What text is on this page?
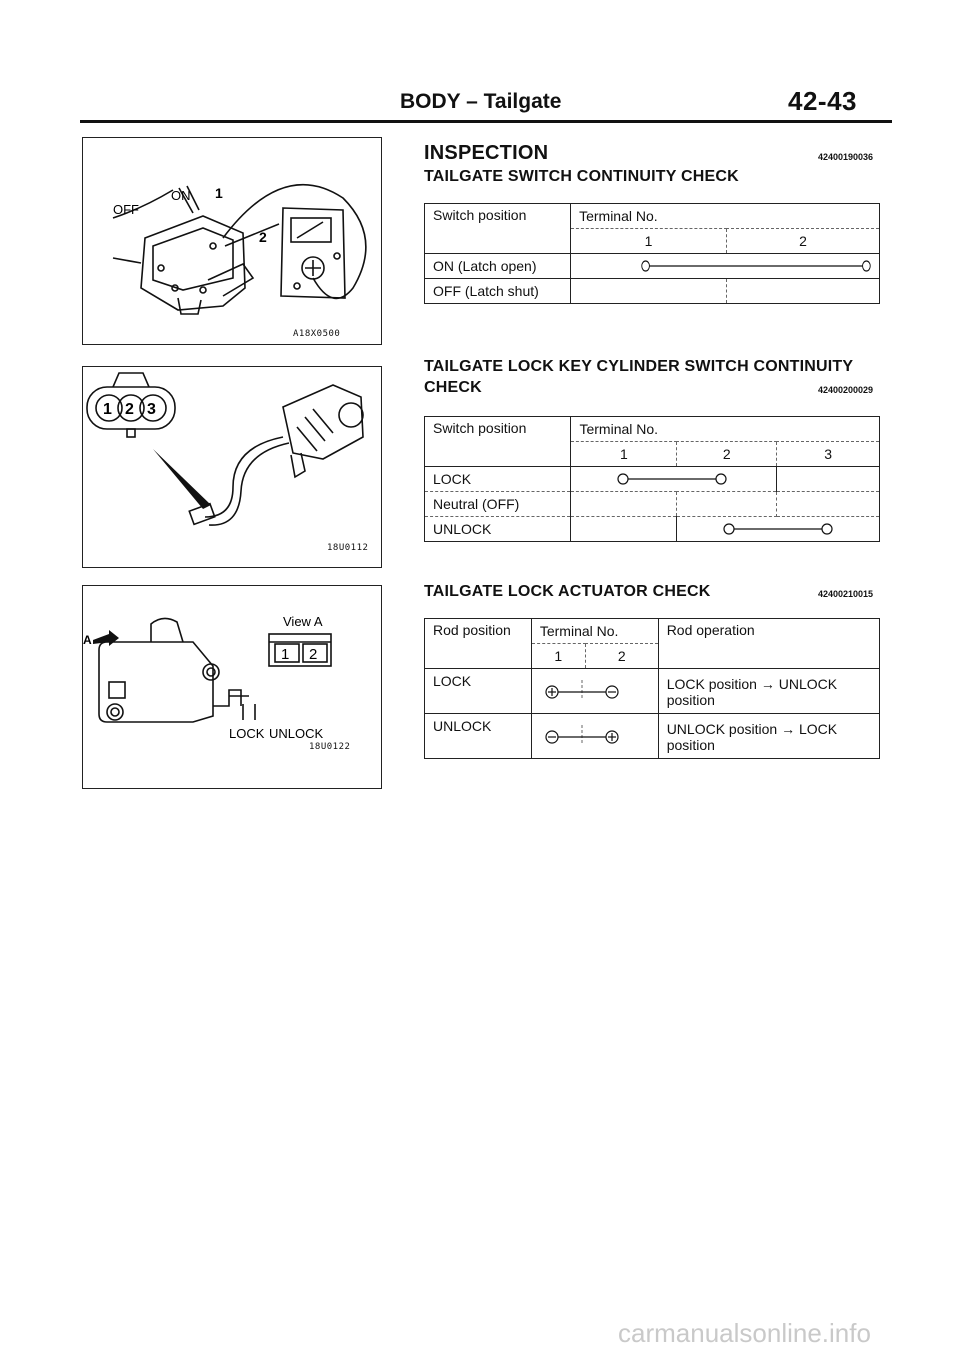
BODY – Tailgate	42-43
OFF
ON 1
2
A18X0500
1 2 3
18U0112
A
View A
1 2
LOCK UNLOCK
18U0122
INSPECTION	42400190036
TAILGATE SWITCH CONTINUITY CHECK
Switch position	Terminal No.	
	1	2
ON (Latch open)	

OFF (Latch shut)		
TAILGATE LOCK KEY CYLINDER SWITCH CONTINUITY
CHECK	42400200029
Switch position	Terminal No.		
	1	2	3
LOCK	

Neutral (OFF)			
UNLOCK		
TAILGATE LOCK ACTUATOR CHECK	42400210015
Rod position	Terminal No.		Rod operation
	1	2	
LOCK			LOCK position → UNLOCK
position

UNLOCK			UNLOCK position → LOCK
position
carmanualsonline.info
